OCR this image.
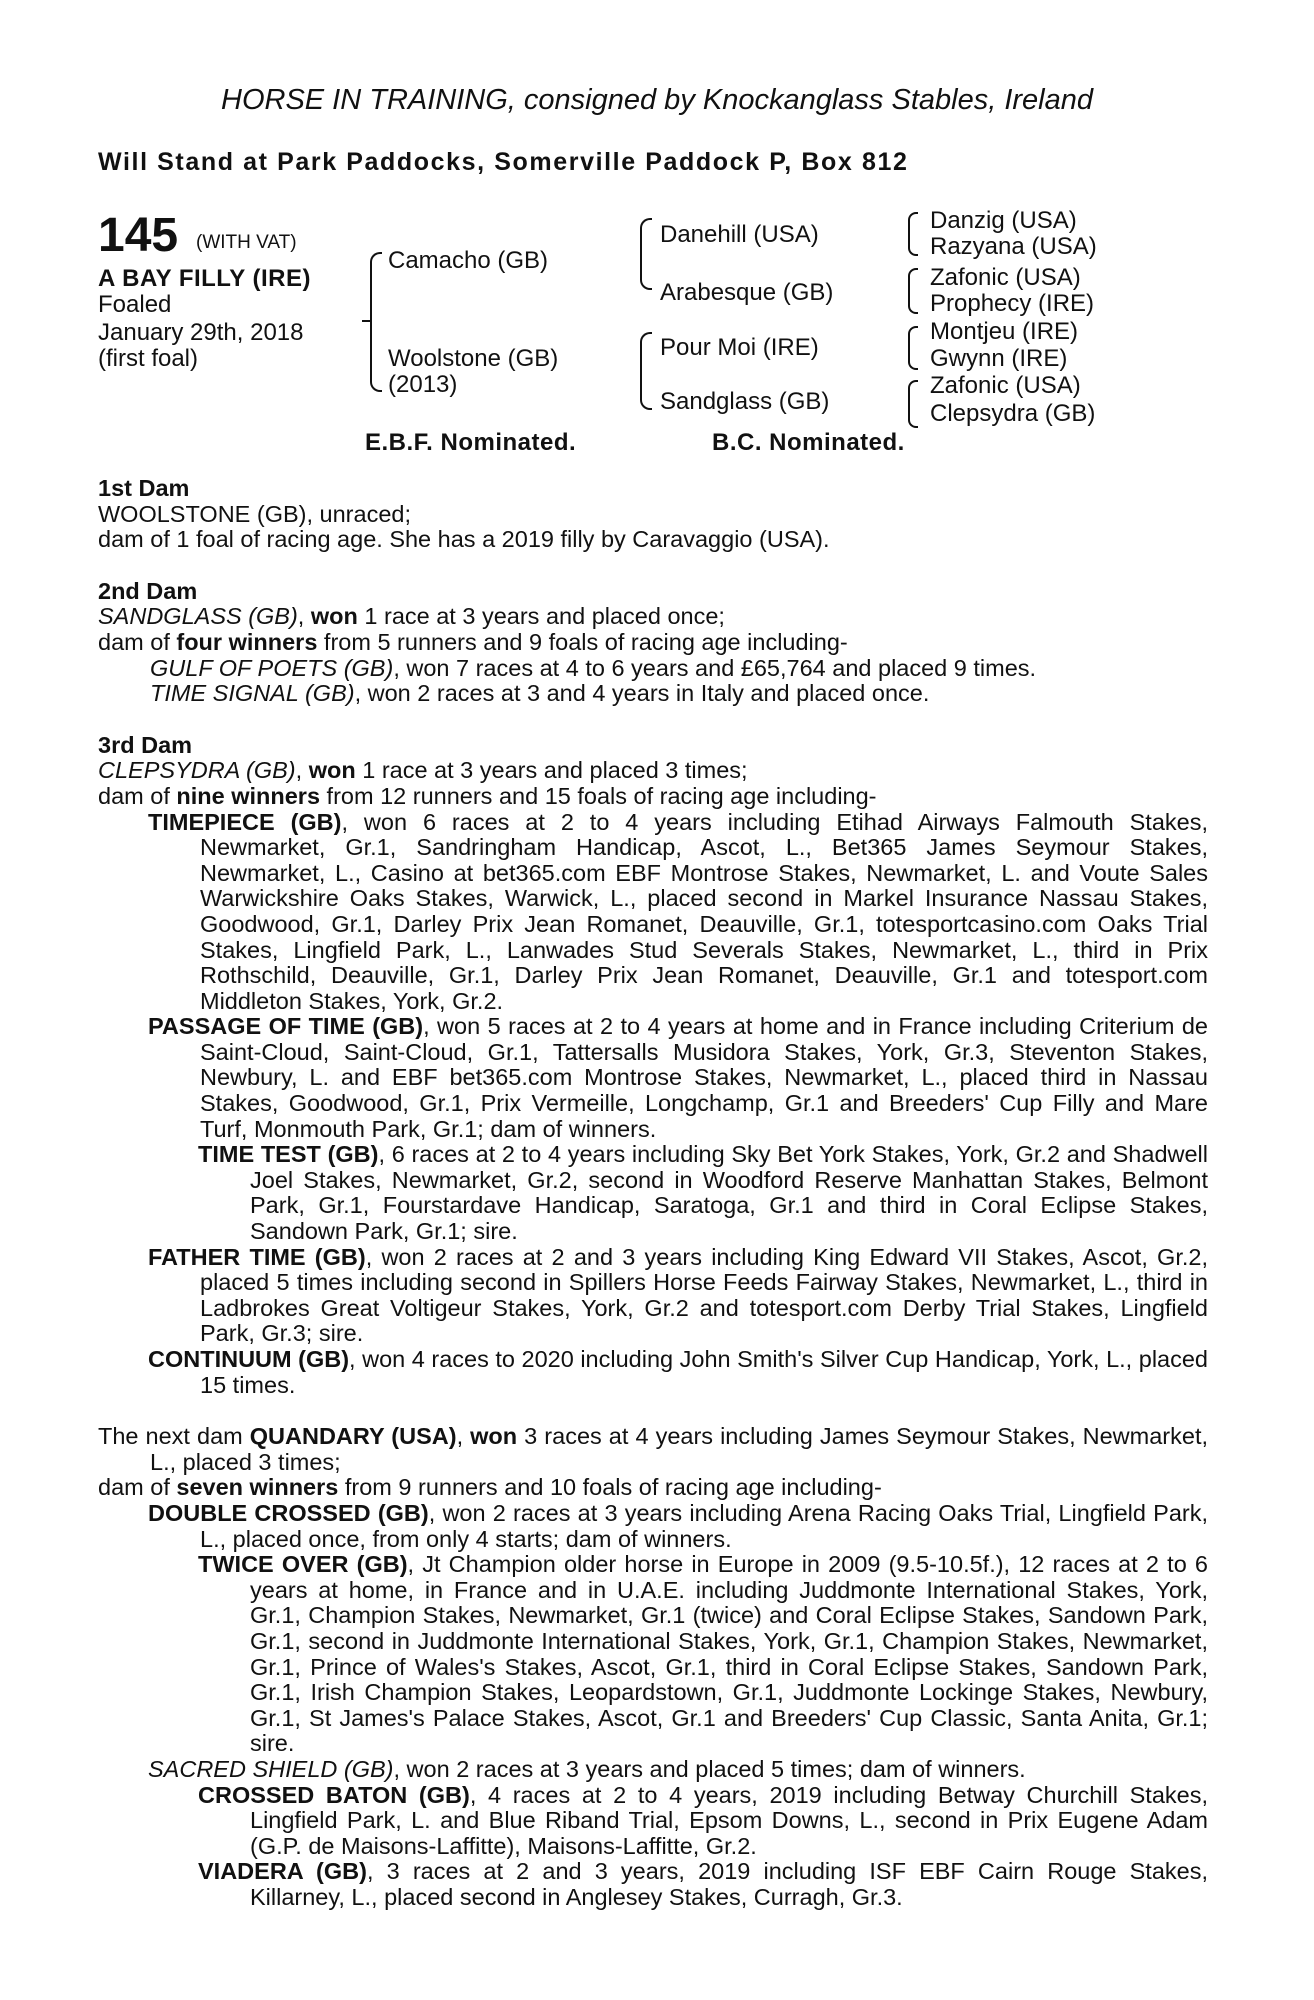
HORSE IN TRAINING, consigned by Knockanglass Stables, Ireland
Will Stand at Park Paddocks, Somerville Paddock P, Box 812
145 (WITH VAT)
A BAY FILLY (IRE)
Foaled
January 29th, 2018
(first foal)
Camacho (GB)
Woolstone (GB)
(2013)
Danehill (USA)
Arabesque (GB)
Pour Moi (IRE)
Sandglass (GB)
Danzig (USA)
Razyana (USA)
Zafonic (USA)
Prophecy (IRE)
Montjeu (IRE)
Gwynn (IRE)
Zafonic (USA)
Clepsydra (GB)
E.B.F. Nominated.	B.C. Nominated.

1st Dam

WOOLSTONE (GB), unraced;

dam of 1 foal of racing age. She has a 2019 filly by Caravaggio (USA).

2nd Dam

SANDGLASS (GB), won 1 race at 3 years and placed once;

dam of four winners from 5 runners and 9 foals of racing age including-

GULF OF POETS (GB), won 7 races at 4 to 6 years and £65,764 and placed 9 times.

TIME SIGNAL (GB), won 2 races at 3 and 4 years in Italy and placed once.

3rd Dam

CLEPSYDRA (GB), won 1 race at 3 years and placed 3 times;

dam of nine winners from 12 runners and 15 foals of racing age including-

TIMEPIECE (GB), won 6 races at 2 to 4 years including Etihad Airways Falmouth Stakes, Newmarket, Gr.1, Sandringham Handicap, Ascot, L., Bet365 James Seymour Stakes, Newmarket, L., Casino at bet365.com EBF Montrose Stakes, Newmarket, L. and Voute Sales Warwickshire Oaks Stakes, Warwick, L., placed second in Markel Insurance Nassau Stakes, Goodwood, Gr.1, Darley Prix Jean Romanet, Deauville, Gr.1, totesportcasino.com Oaks Trial Stakes, Lingfield Park, L., Lanwades Stud Severals Stakes, Newmarket, L., third in Prix Rothschild, Deauville, Gr.1, Darley Prix Jean Romanet, Deauville, Gr.1 and totesport.com Middleton Stakes, York, Gr.2.

PASSAGE OF TIME (GB), won 5 races at 2 to 4 years at home and in France including Criterium de Saint-Cloud, Saint-Cloud, Gr.1, Tattersalls Musidora Stakes, York, Gr.3, Steventon Stakes, Newbury, L. and EBF bet365.com Montrose Stakes, Newmarket, L., placed third in Nassau Stakes, Goodwood, Gr.1, Prix Vermeille, Longchamp, Gr.1 and Breeders' Cup Filly and Mare Turf, Monmouth Park, Gr.1; dam of winners.

TIME TEST (GB), 6 races at 2 to 4 years including Sky Bet York Stakes, York, Gr.2 and Shadwell Joel Stakes, Newmarket, Gr.2, second in Woodford Reserve Manhattan Stakes, Belmont Park, Gr.1, Fourstardave Handicap, Saratoga, Gr.1 and third in Coral Eclipse Stakes, Sandown Park, Gr.1; sire.

FATHER TIME (GB), won 2 races at 2 and 3 years including King Edward VII Stakes, Ascot, Gr.2, placed 5 times including second in Spillers Horse Feeds Fairway Stakes, Newmarket, L., third in Ladbrokes Great Voltigeur Stakes, York, Gr.2 and totesport.com Derby Trial Stakes, Lingfield Park, Gr.3; sire.

CONTINUUM (GB), won 4 races to 2020 including John Smith's Silver Cup Handicap, York, L., placed 15 times.

The next dam QUANDARY (USA), won 3 races at 4 years including James Seymour Stakes, Newmarket, L., placed 3 times;

dam of seven winners from 9 runners and 10 foals of racing age including-

DOUBLE CROSSED (GB), won 2 races at 3 years including Arena Racing Oaks Trial, Lingfield Park, L., placed once, from only 4 starts; dam of winners.

TWICE OVER (GB), Jt Champion older horse in Europe in 2009 (9.5-10.5f.), 12 races at 2 to 6 years at home, in France and in U.A.E. including Juddmonte International Stakes, York, Gr.1, Champion Stakes, Newmarket, Gr.1 (twice) and Coral Eclipse Stakes, Sandown Park, Gr.1, second in Juddmonte International Stakes, York, Gr.1, Champion Stakes, Newmarket, Gr.1, Prince of Wales's Stakes, Ascot, Gr.1, third in Coral Eclipse Stakes, Sandown Park, Gr.1, Irish Champion Stakes, Leopardstown, Gr.1, Juddmonte Lockinge Stakes, Newbury, Gr.1, St James's Palace Stakes, Ascot, Gr.1 and Breeders' Cup Classic, Santa Anita, Gr.1; sire.

SACRED SHIELD (GB), won 2 races at 3 years and placed 5 times; dam of winners.

CROSSED BATON (GB), 4 races at 2 to 4 years, 2019 including Betway Churchill Stakes, Lingfield Park, L. and Blue Riband Trial, Epsom Downs, L., second in Prix Eugene Adam (G.P. de Maisons-Laffitte), Maisons-Laffitte, Gr.2.

VIADERA (GB), 3 races at 2 and 3 years, 2019 including ISF EBF Cairn Rouge Stakes, Killarney, L., placed second in Anglesey Stakes, Curragh, Gr.3.
